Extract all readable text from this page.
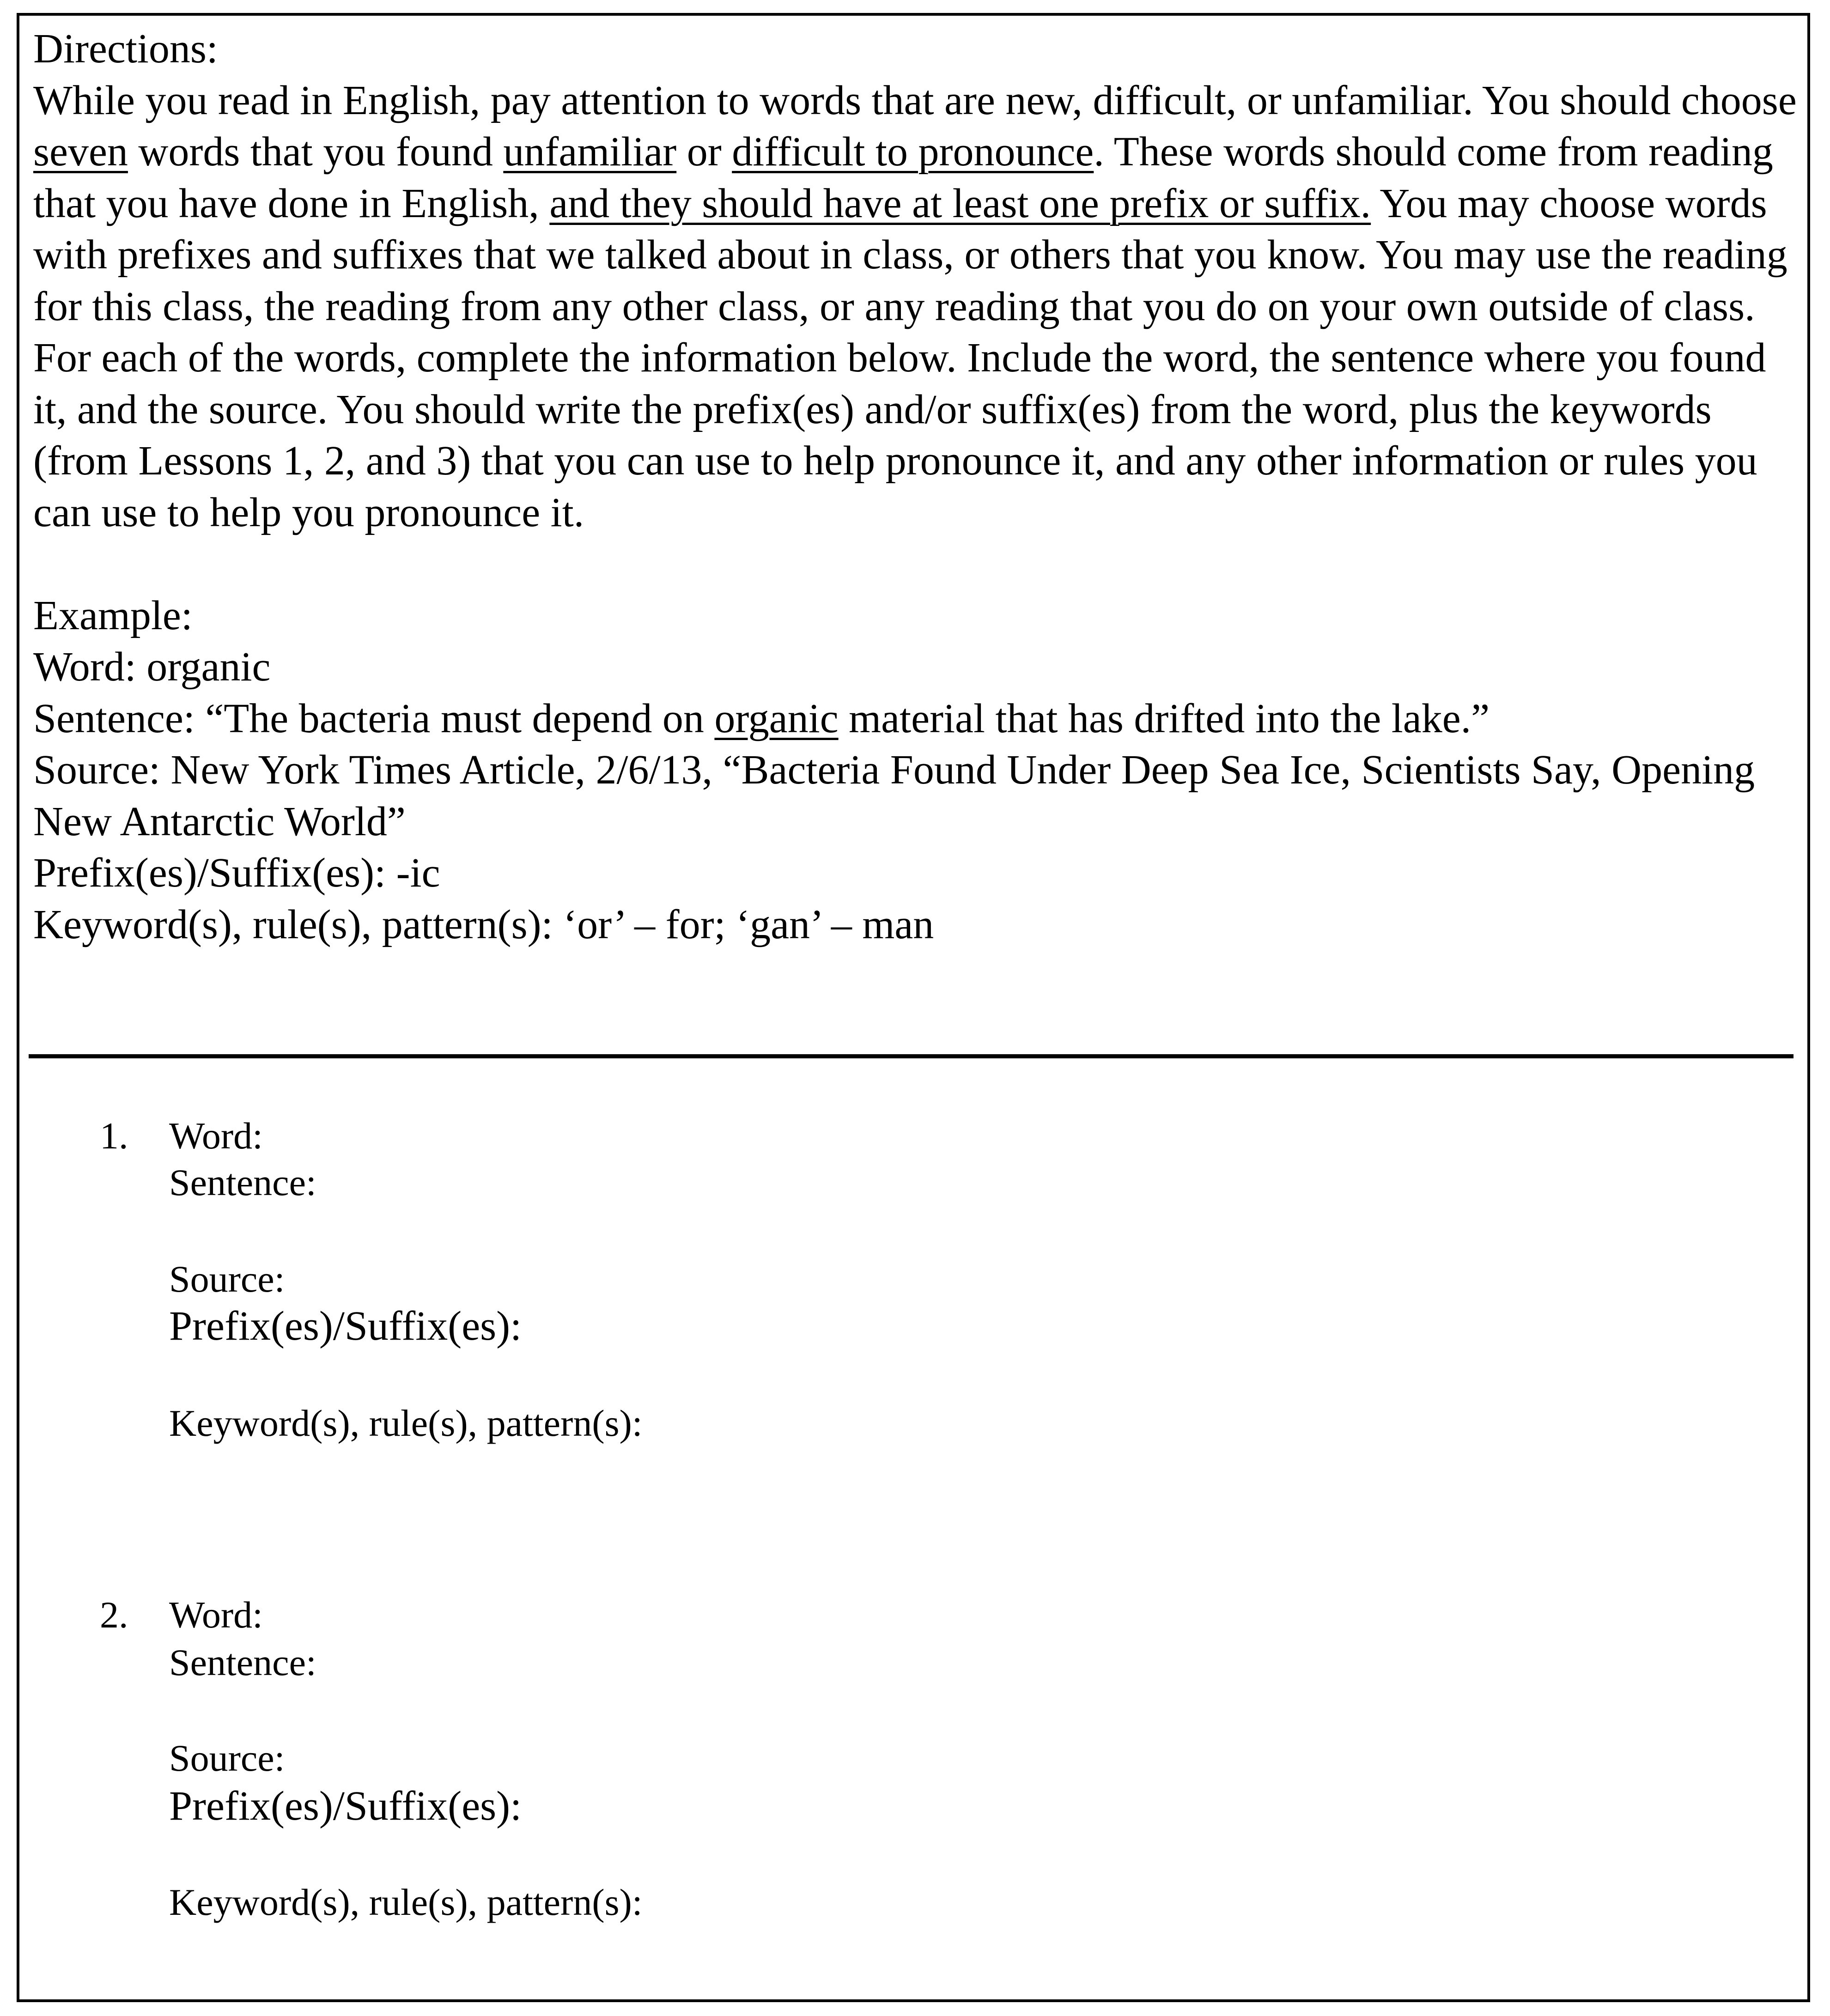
Directions:

While you read in English, pay attention to words that are new, difficult, or unfamiliar. You should choose seven words that you found unfamiliar or difficult to pronounce. These words should come from reading that you have done in English, and they should have at least one prefix or suffix. You may choose words with prefixes and suffixes that we talked about in class, or others that you know. You may use the reading for this class, the reading from any other class, or any reading that you do on your own outside of class.

For each of the words, complete the information below. Include the word, the sentence where you found it, and the source. You should write the prefix(es) and/or suffix(es) from the word, plus the keywords (from Lessons 1, 2, and 3) that you can use to help pronounce it, and any other information or rules you can use to help you pronounce it.

Example:

Word: organic

Sentence: “The bacteria must depend on organic material that has drifted into the lake.”

Source: New York Times Article, 2/6/13, “Bacteria Found Under Deep Sea Ice, Scientists Say, Opening New Antarctic World”

Prefix(es)/Suffix(es): -ic

Keyword(s), rule(s), pattern(s): ‘or’ – for; ‘gan’ – man

1.	Word:
Sentence:
Source:
Prefix(es)/Suffix(es):
Keyword(s), rule(s), pattern(s):
2.	Word:
Sentence:
Source:
Prefix(es)/Suffix(es):
Keyword(s), rule(s), pattern(s):
